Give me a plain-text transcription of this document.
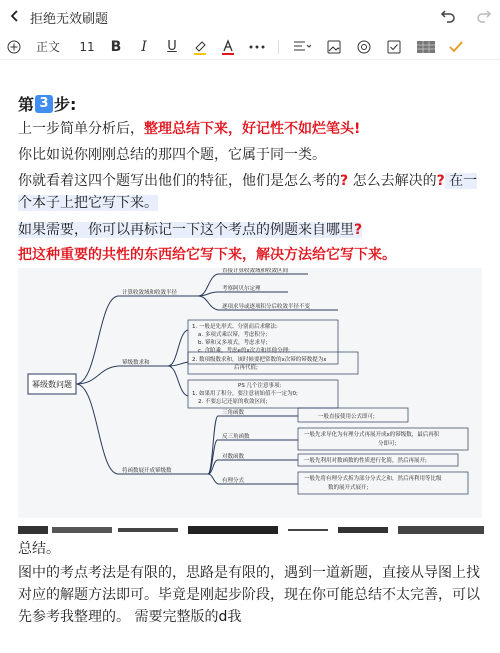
拒绝无效刷题
正文	11	B	I	U
第 3 步:
上一步简单分析后，整理总结下来，好记性不如烂笔头!
你比如说你刚刚总结的那四个题，它属于同一类。
你就看着这四个题写出他们的特征，他们是怎么考的? 怎么去解决的? 在一个本子上把它写下来。
如果需要，你可以再标记一下这个考点的例题来自哪里?
把这种重要的共性的东西给它写下来，解决方法给它写下来。
幂级数问题
计算收敛域和收敛半径
直接计算收敛域和收敛区间
考察阿贝尔定理
逐项求导或逐项积分后收敛半径不变
幂级数求和
1. 一般是先形式、分别而后求解法:
a. 多项式乘以幂，考虑积分;
b. 幂和又多项式，考虑求导;
c. 含阶乘，考虑e的x次方和其他分理;
2. 数项级数求和，该时候要把常数的x次幂的幂数提为x
后再代值;
PS 几个注意事项:
1. 如果用了积分，要注意初始值不一定为0;
2. 不要忘记还原的收敛区间;
将函数展开成幂级数
三角函数
一般直接使用公式即可;
反三角函数	一般先求导化为有理分式再展开成x的幂级数，最后再积
分即可;
对数函数
一般先利用对数函数的性质进行化简，然后再展开;
有理分式	一般先将有理分式拆为部分分式之和，然后再利用等比级
数的展开式展开;
总结。
图中的考点考法是有限的，思路是有限的，遇到一道新题，直接从导图上找对应的解题方法即可。毕竟是刚起步阶段，现在你可能总结不太完善，可以先参考我整理的。 需要完整版的d我
